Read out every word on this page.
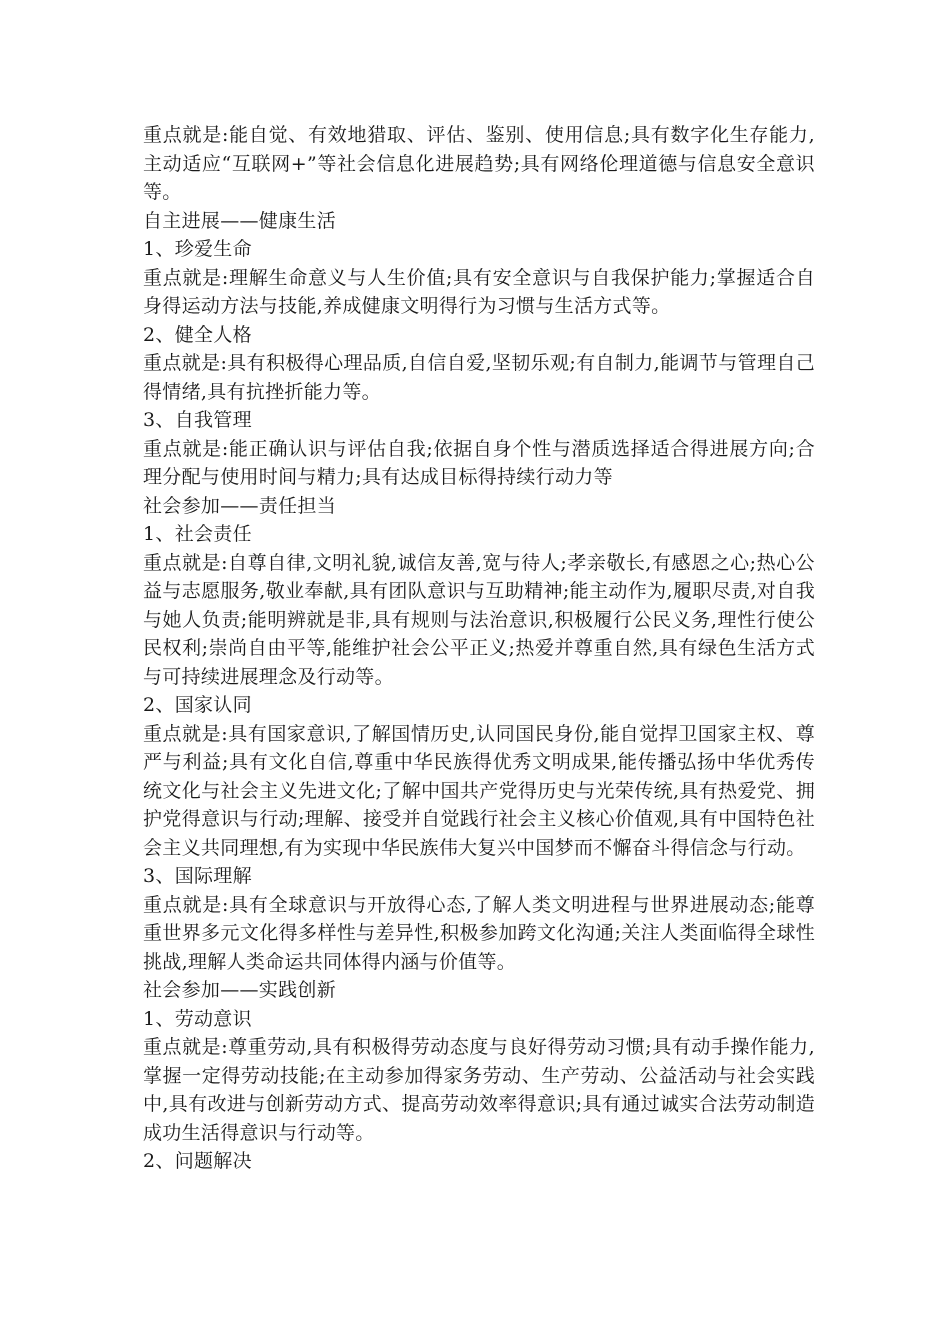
重点就是:能自觉、有效地猎取、评估、鉴别、使用信息;具有数字化生存能力,主动适应“互联网+”等社会信息化进展趋势;具有网络伦理道德与信息安全意识等。

自主进展——健康生活

1、珍爱生命

重点就是:理解生命意义与人生价值;具有安全意识与自我保护能力;掌握适合自身得运动方法与技能,养成健康文明得行为习惯与生活方式等。

2、健全人格

重点就是:具有积极得心理品质,自信自爱,坚韧乐观;有自制力,能调节与管理自己得情绪,具有抗挫折能力等。

3、自我管理

重点就是:能正确认识与评估自我;依据自身个性与潜质选择适合得进展方向;合理分配与使用时间与精力;具有达成目标得持续行动力等

社会参加——责任担当

1、社会责任

重点就是:自尊自律,文明礼貌,诚信友善,宽与待人;孝亲敬长,有感恩之心;热心公益与志愿服务,敬业奉献,具有团队意识与互助精神;能主动作为,履职尽责,对自我与她人负责;能明辨就是非,具有规则与法治意识,积极履行公民义务,理性行使公民权利;崇尚自由平等,能维护社会公平正义;热爱并尊重自然,具有绿色生活方式与可持续进展理念及行动等。

2、国家认同

重点就是:具有国家意识,了解国情历史,认同国民身份,能自觉捍卫国家主权、尊严与利益;具有文化自信,尊重中华民族得优秀文明成果,能传播弘扬中华优秀传统文化与社会主义先进文化;了解中国共产党得历史与光荣传统,具有热爱党、拥护党得意识与行动;理解、接受并自觉践行社会主义核心价值观,具有中国特色社会主义共同理想,有为实现中华民族伟大复兴中国梦而不懈奋斗得信念与行动。

3、国际理解

重点就是:具有全球意识与开放得心态,了解人类文明进程与世界进展动态;能尊重世界多元文化得多样性与差异性,积极参加跨文化沟通;关注人类面临得全球性挑战,理解人类命运共同体得内涵与价值等。

社会参加——实践创新

1、劳动意识

重点就是:尊重劳动,具有积极得劳动态度与良好得劳动习惯;具有动手操作能力,掌握一定得劳动技能;在主动参加得家务劳动、生产劳动、公益活动与社会实践中,具有改进与创新劳动方式、提高劳动效率得意识;具有通过诚实合法劳动制造成功生活得意识与行动等。

2、问题解决
